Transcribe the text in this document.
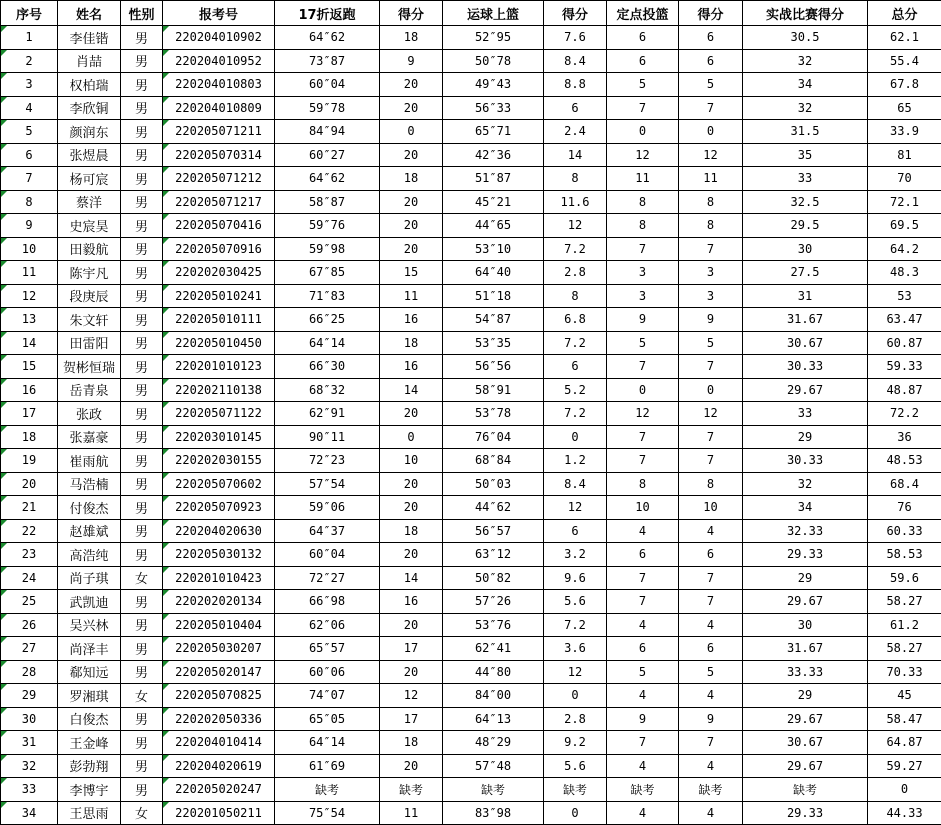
序号	姓名	性别	报考号	17折返跑	得分	运球上篮	得分	定点投篮	得分	实战比赛得分	总分
1	李佳锴	男	220204010902	64″62	18	52″95	7.6	6	6	30.5	62.1
2	肖喆	男	220204010952	73″87	9	50″78	8.4	6	6	32	55.4
3	权柏瑞	男	220204010803	60″04	20	49″43	8.8	5	5	34	67.8
4	李欣铜	男	220204010809	59″78	20	56″33	6	7	7	32	65
5	颜润东	男	220205071211	84″94	0	65″71	2.4	0	0	31.5	33.9
6	张煜晨	男	220205070314	60″27	20	42″36	14	12	12	35	81
7	杨可宸	男	220205071212	64″62	18	51″87	8	11	11	33	70
8	蔡洋	男	220205071217	58″87	20	45″21	11.6	8	8	32.5	72.1
9	史宸昊	男	220205070416	59″76	20	44″65	12	8	8	29.5	69.5
10	田毅航	男	220205070916	59″98	20	53″10	7.2	7	7	30	64.2
11	陈宇凡	男	220202030425	67″85	15	64″40	2.8	3	3	27.5	48.3
12	段庚辰	男	220205010241	71″83	11	51″18	8	3	3	31	53
13	朱文轩	男	220205010111	66″25	16	54″87	6.8	9	9	31.67	63.47
14	田雷阳	男	220205010450	64″14	18	53″35	7.2	5	5	30.67	60.87
15	贺彬恒瑞	男	220201010123	66″30	16	56″56	6	7	7	30.33	59.33
16	岳青泉	男	220202110138	68″32	14	58″91	5.2	0	0	29.67	48.87
17	张政	男	220205071122	62″91	20	53″78	7.2	12	12	33	72.2
18	张嘉豪	男	220203010145	90″11	0	76″04	0	7	7	29	36
19	崔雨航	男	220202030155	72″23	10	68″84	1.2	7	7	30.33	48.53
20	马浩楠	男	220205070602	57″54	20	50″03	8.4	8	8	32	68.4
21	付俊杰	男	220205070923	59″06	20	44″62	12	10	10	34	76
22	赵雄斌	男	220204020630	64″37	18	56″57	6	4	4	32.33	60.33
23	高浩纯	男	220205030132	60″04	20	63″12	3.2	6	6	29.33	58.53
24	尚子琪	女	220201010423	72″27	14	50″82	9.6	7	7	29	59.6
25	武凯迪	男	220202020134	66″98	16	57″26	5.6	7	7	29.67	58.27
26	吴兴林	男	220205010404	62″06	20	53″76	7.2	4	4	30	61.2
27	尚泽丰	男	220205030207	65″57	17	62″41	3.6	6	6	31.67	58.27
28	郗知远	男	220205020147	60″06	20	44″80	12	5	5	33.33	70.33
29	罗湘琪	女	220205070825	74″07	12	84″00	0	4	4	29	45
30	白俊杰	男	220202050336	65″05	17	64″13	2.8	9	9	29.67	58.47
31	王金峰	男	220204010414	64″14	18	48″29	9.2	7	7	30.67	64.87
32	彭勃翔	男	220204020619	61″69	20	57″48	5.6	4	4	29.67	59.27
33	李博宇	男	220205020247	缺考	缺考	缺考	缺考	缺考	缺考	缺考	0
34	王思雨	女	220201050211	75″54	11	83″98	0	4	4	29.33	44.33
